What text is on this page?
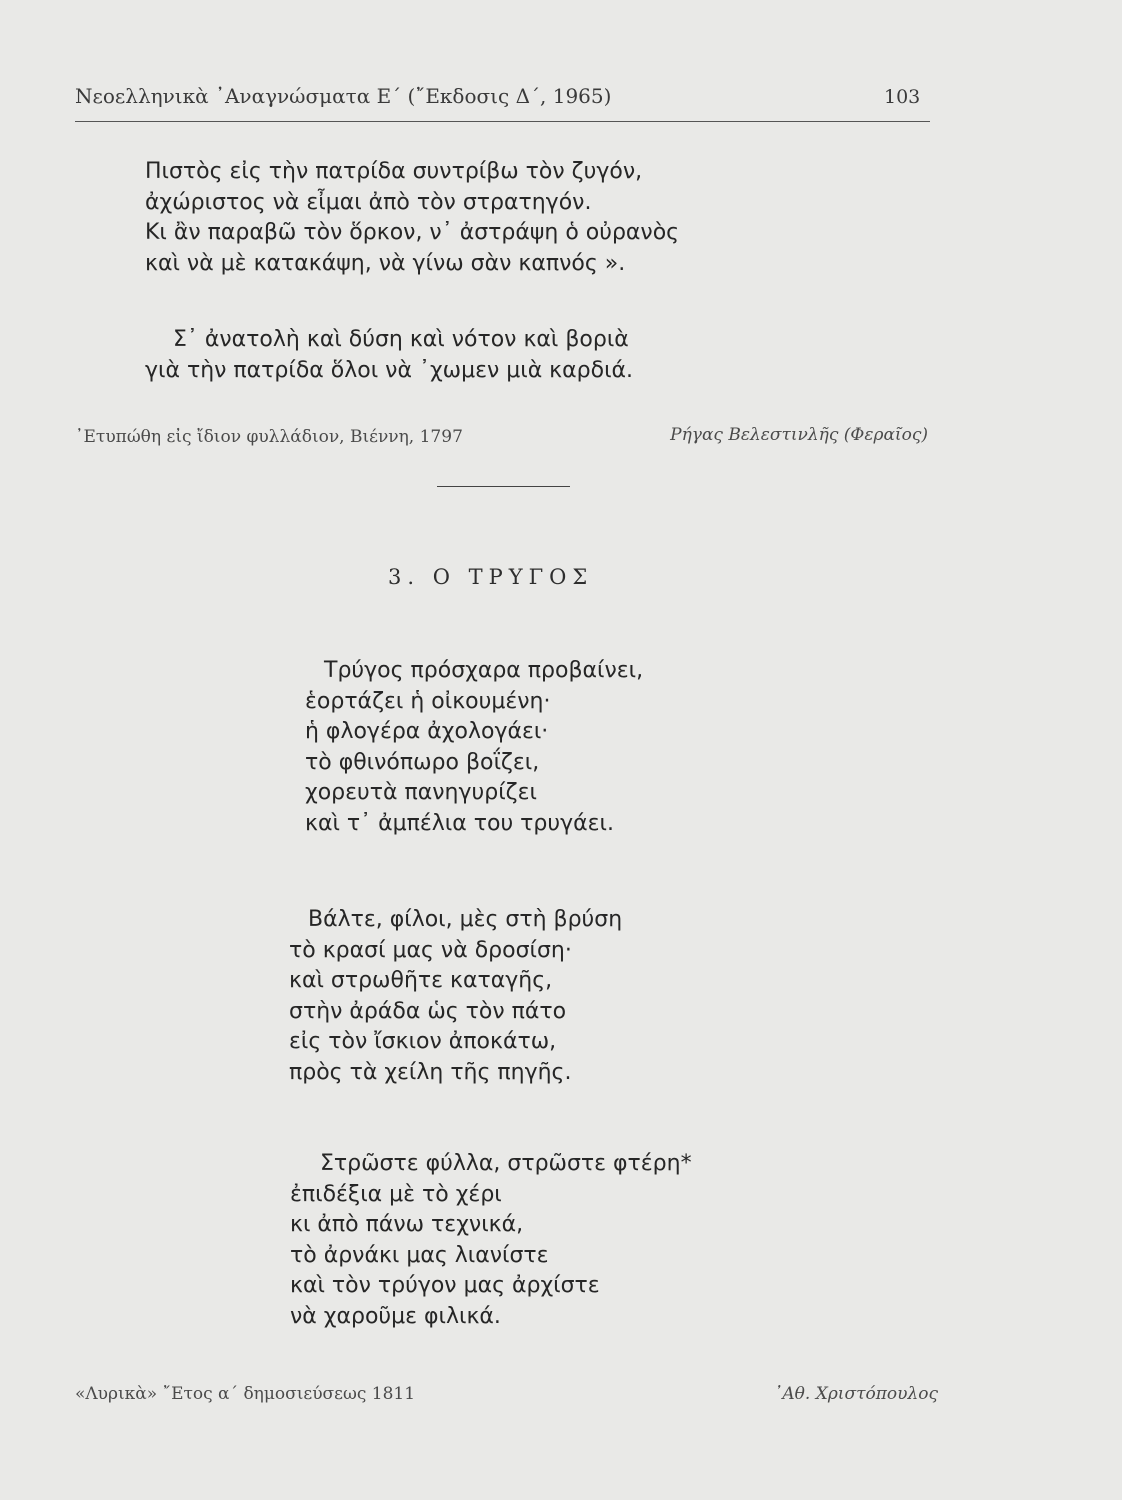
Νεοελληνικὰ ᾿Αναγνώσματα Ε΄ (῎Εκδοσις Δ΄, 1965)	103
Πιστὸς εἰς τὴν πατρίδα συντρίβω τὸν ζυγόν,
ἀχώριστος νὰ εἶμαι ἀπὸ τὸν στρατηγόν.
Κι ἂν παραβῶ τὸν ὅρκον, ν᾿ ἀστράψη ὁ οὐρανὸς
καὶ νὰ μὲ κατακάψη, νὰ γίνω σὰν καπνός ».
Σ᾿ ἀνατολὴ καὶ δύση καὶ νότον καὶ βοριὰ
γιὰ τὴν πατρίδα ὅλοι νὰ ᾿χωμεν μιὰ καρδιά.
᾿Ετυπώθη εἰς ἴδιον φυλλάδιον, Βιέννη, 1797	Ρήγας Βελεστινλῆς (Φεραῖος)
3. Ο ΤΡΥΓΟΣ
Τρύγος πρόσχαρα προβαίνει,
ἑορτάζει ἡ οἰκουμένη·
ἡ φλογέρα ἀχολογάει·
τὸ φθινόπωρο βοΐζει,
χορευτὰ πανηγυρίζει
καὶ τ᾿ ἀμπέλια του τρυγάει.
Βάλτε, φίλοι, μὲς στὴ βρύση
τὸ κρασί μας νὰ δροσίση·
καὶ στρωθῆτε καταγῆς,
στὴν ἀράδα ὡς τὸν πάτο
εἰς τὸν ἴσκιον ἀποκάτω,
πρὸς τὰ χείλη τῆς πηγῆς.
Στρῶστε φύλλα, στρῶστε φτέρη*
ἐπιδέξια μὲ τὸ χέρι
κι ἀπὸ πάνω τεχνικά,
τὸ ἀρνάκι μας λιανίστε
καὶ τὸν τρύγον μας ἀρχίστε
νὰ χαροῦμε φιλικά.
«Λυρικὰ» ῎Ετος α΄ δημοσιεύσεως 1811	᾿Αθ. Χριστόπουλος
